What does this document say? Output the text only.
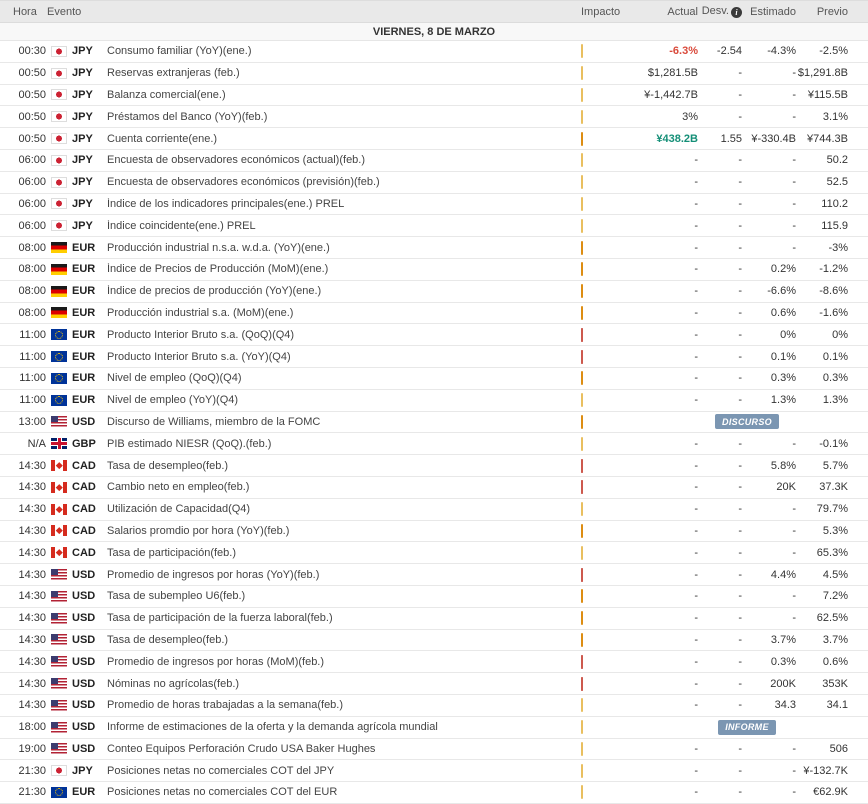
Hora Evento	Impacto	Actual Desv. i	Estimado	Previo
VIERNES, 8 DE MARZO
00:30 JPY	Consumo familiar (YoY)(ene.)	-6.3%	-2.54	-4.3%	-2.5%
00:50 JPY	Reservas extranjeras (feb.)	$1,281.5B	-	- $1,291.8B
00:50 JPY	Balanza comercial(ene.)	¥-1,442.7B	-	-	¥115.5B
00:50 JPY	Préstamos del Banco (YoY)(feb.)	3%	-	-	3.1%
00:50 JPY	Cuenta corriente(ene.)	¥438.2B	1.55 ¥-330.4B	¥744.3B
06:00 JPY	Encuesta de observadores económicos (actual)(feb.)	-	-	-	50.2
06:00 JPY	Encuesta de observadores económicos (previsión)(feb.)	-	-	-	52.5
06:00 JPY	Índice de los indicadores principales(ene.) PREL	-	-	-	110.2
06:00 JPY	Índice coincidente(ene.) PREL	-	-	-	115.9
08:00 EUR	Producción industrial n.s.a. w.d.a. (YoY)(ene.)	-	-	-	-3%
08:00 EUR	Índice de Precios de Producción (MoM)(ene.)	-	-	0.2%	-1.2%
08:00 EUR	Índice de precios de producción (YoY)(ene.)	-	-	-6.6%	-8.6%
08:00 EUR	Producción industrial s.a. (MoM)(ene.)	-	-	0.6%	-1.6%
11:00 EUR	Producto Interior Bruto s.a. (QoQ)(Q4)	-	-	0%	0%
11:00 EUR	Producto Interior Bruto s.a. (YoY)(Q4)	-	-	0.1%	0.1%
11:00 EUR	Nivel de empleo (QoQ)(Q4)	-	-	0.3%	0.3%
11:00 EUR	Nivel de empleo (YoY)(Q4)	-	-	1.3%	1.3%
13:00 USD	Discurso de Williams, miembro de la FOMC	DISCURSO
N/A GBP	PIB estimado NIESR (QoQ).(feb.)	-	-	-	-0.1%
14:30 CAD	Tasa de desempleo(feb.)	-	-	5.8%	5.7%
14:30 CAD	Cambio neto en empleo(feb.)	-	-	20K	37.3K
14:30 CAD	Utilización de Capacidad(Q4)	-	-	-	79.7%
14:30 CAD	Salarios promdio por hora (YoY)(feb.)	-	-	-	5.3%
14:30 CAD	Tasa de participación(feb.)	-	-	-	65.3%
14:30 USD	Promedio de ingresos por horas (YoY)(feb.)	-	-	4.4%	4.5%
14:30 USD	Tasa de subempleo U6(feb.)	-	-	-	7.2%
14:30 USD	Tasa de participación de la fuerza laboral(feb.)	-	-	-	62.5%
14:30 USD	Tasa de desempleo(feb.)	-	-	3.7%	3.7%
14:30 USD	Promedio de ingresos por horas (MoM)(feb.)	-	-	0.3%	0.6%
14:30 USD	Nóminas no agrícolas(feb.)	-	-	200K	353K
14:30 USD	Promedio de horas trabajadas a la semana(feb.)	-	-	34.3	34.1
18:00 USD	Informe de estimaciones de la oferta y la demanda agrícola mundial	INFORME
19:00 USD	Conteo Equipos Perforación Crudo USA Baker Hughes	-	-	-	506
21:30 JPY	Posiciones netas no comerciales COT del JPY	-	-	- ¥-132.7K
21:30 EUR	Posiciones netas no comerciales COT del EUR	-	-	-	€62.9K
